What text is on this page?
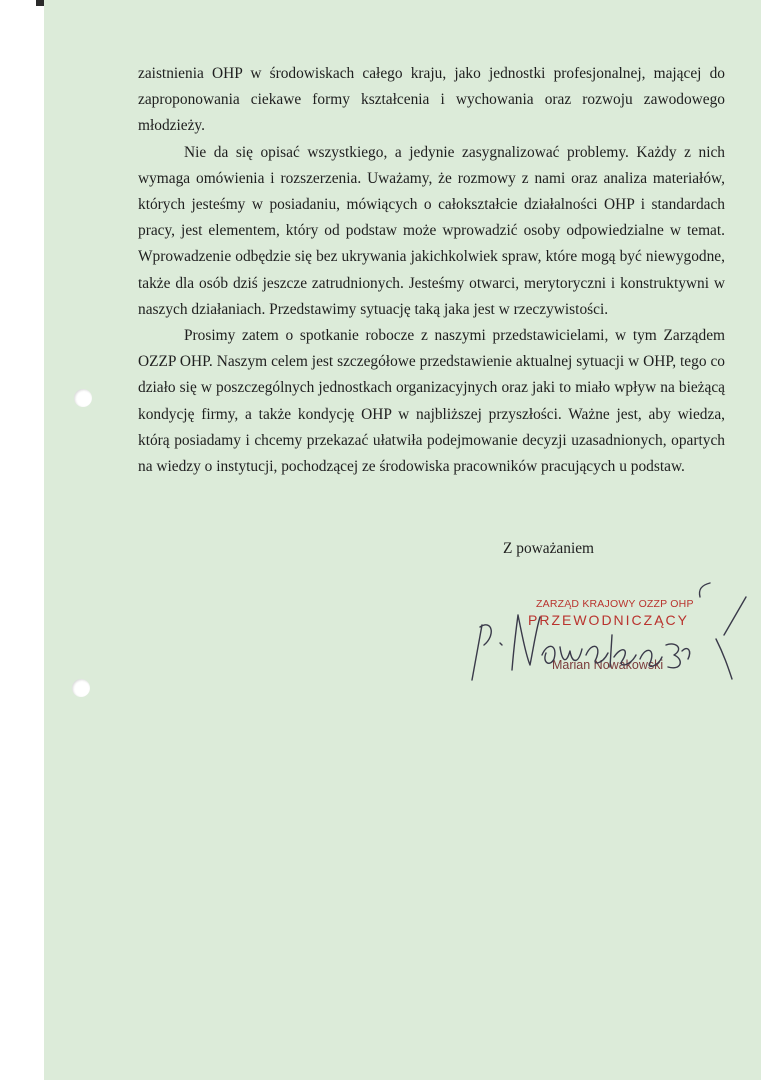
zaistnienia OHP w środowiskach całego kraju, jako jednostki profesjonalnej, mającej do zaproponowania ciekawe formy kształcenia i wychowania oraz rozwoju zawodowego młodzieży.

Nie da się opisać wszystkiego, a jedynie zasygnalizować problemy. Każdy z nich wymaga omówienia i rozszerzenia. Uważamy, że rozmowy z nami oraz analiza materiałów, których jesteśmy w posiadaniu, mówiących o całokształcie działalności OHP i standardach pracy, jest elementem, który od podstaw może wprowadzić osoby odpowiedzialne w temat. Wprowadzenie odbędzie się bez ukrywania jakichkolwiek spraw, które mogą być niewygodne, także dla osób dziś jeszcze zatrudnionych. Jesteśmy otwarci, merytoryczni i konstruktywni w naszych działaniach. Przedstawimy sytuację taką jaka jest w rzeczywistości.

Prosimy zatem o spotkanie robocze z naszymi przedstawicielami, w tym Zarządem OZZP OHP. Naszym celem jest szczegółowe przedstawienie aktualnej sytuacji w OHP, tego co działo się w poszczególnych jednostkach organizacyjnych oraz jaki to miało wpływ na bieżącą kondycję firmy, a także kondycję OHP w najbliższej przyszłości. Ważne jest, aby wiedza, którą posiadamy i chcemy przekazać ułatwiła podejmowanie decyzji uzasadnionych, opartych na wiedzy o instytucji, pochodzącej ze środowiska pracowników pracujących u podstaw.

Z poważaniem

ZARZĄD KRAJOWY OZZP OHP
PRZEWODNICZĄCY
Marian Nowakowski
